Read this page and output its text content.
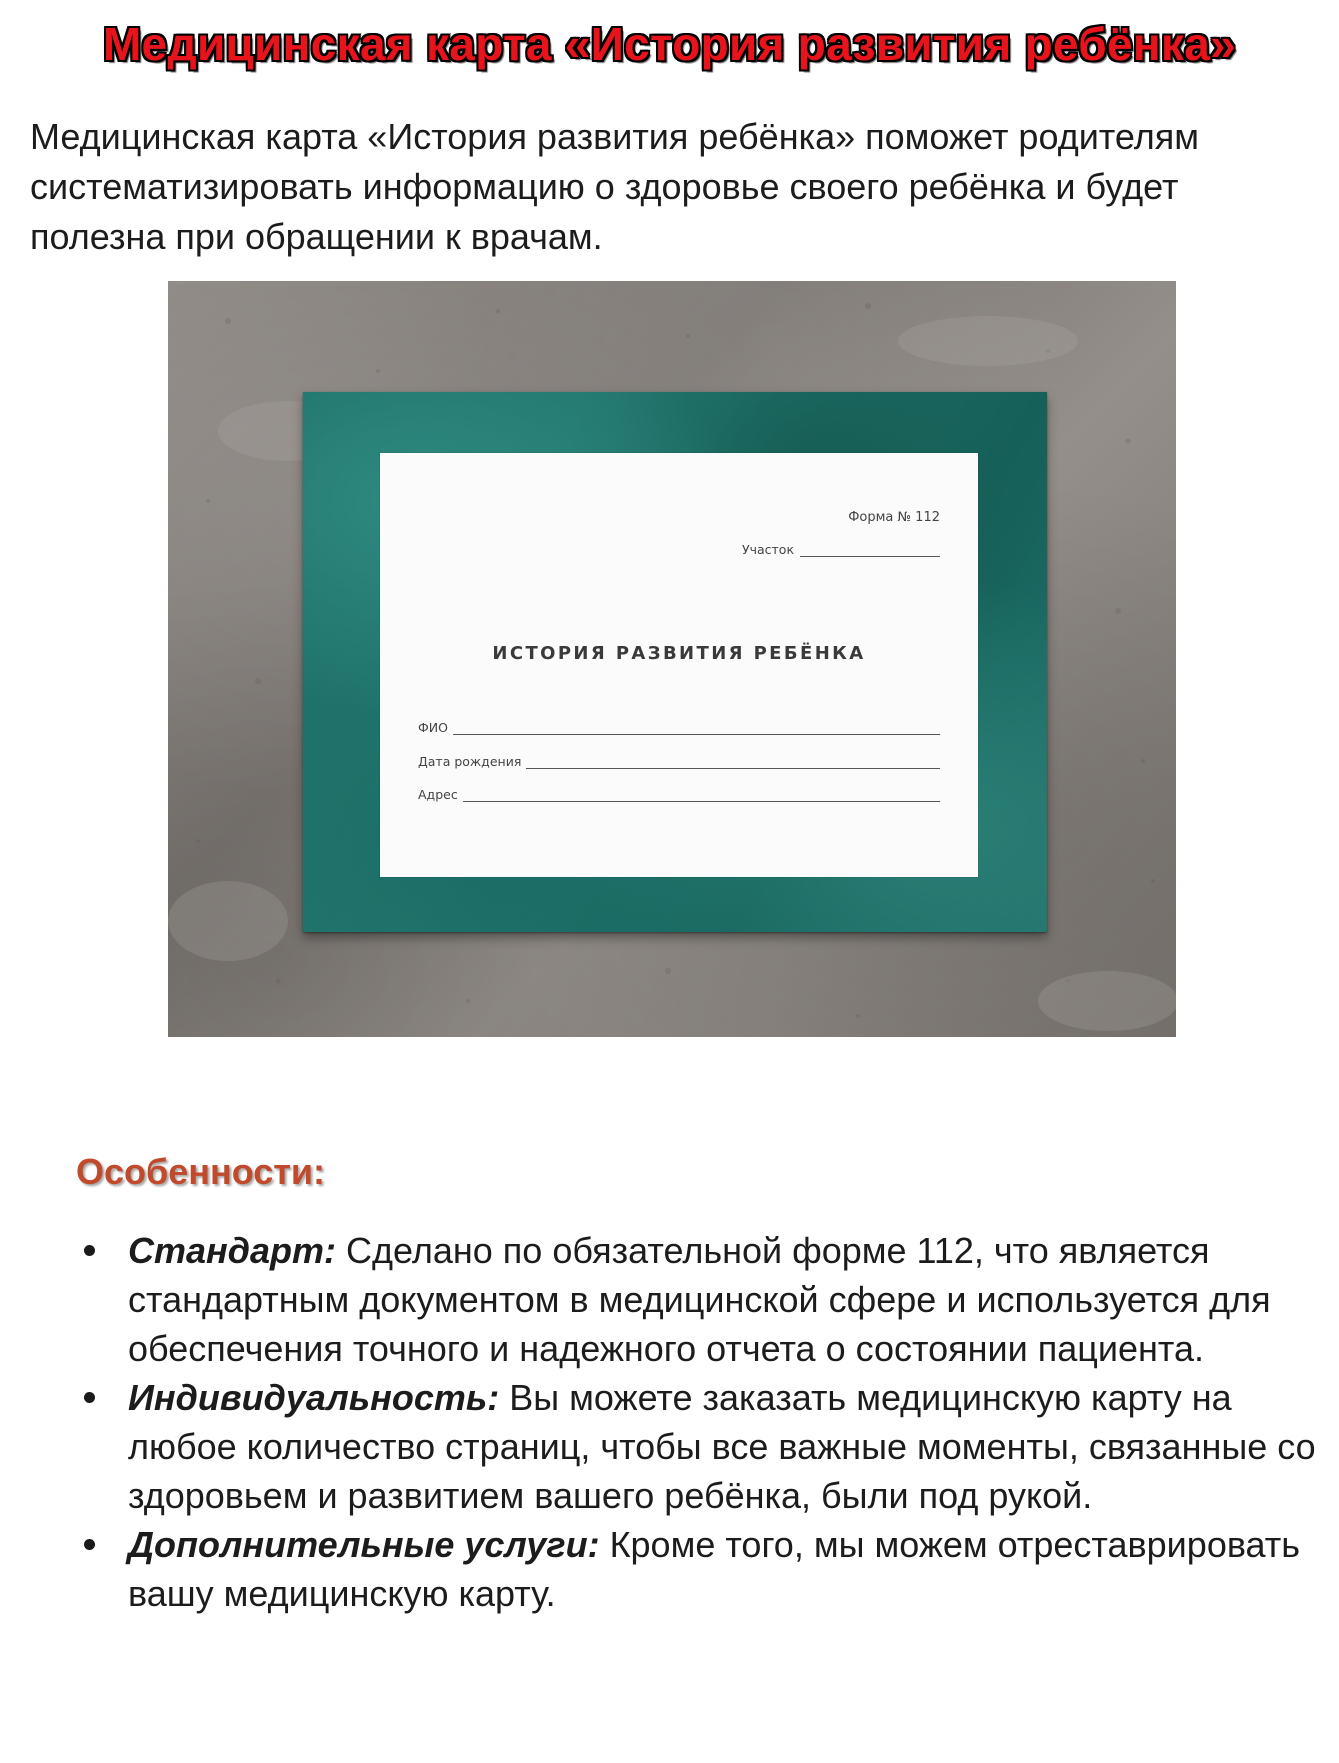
Медицинская карта «История развития ребёнка»

Медицинская карта «История развития ребёнка» поможет родителям систематизировать информацию о здоровье своего ребёнка и будет полезна при обращении к врачам.

Форма № 112
Участок
ИСТОРИЯ РАЗВИТИЯ РЕБЁНКА
ФИО
Дата рождения
Адрес
Особенности:
Стандарт: Сделано по обязательной форме 112, что является стандартным документом в медицинской сфере и используется для обеспечения точного и надежного отчета о состоянии пациента.
Индивидуальность: Вы можете заказать медицинскую карту на любое количество страниц, чтобы все важные моменты, связанные со здоровьем и развитием вашего ребёнка, были под рукой.
Дополнительные услуги: Кроме того, мы можем отреставрировать вашу медицинскую карту.
